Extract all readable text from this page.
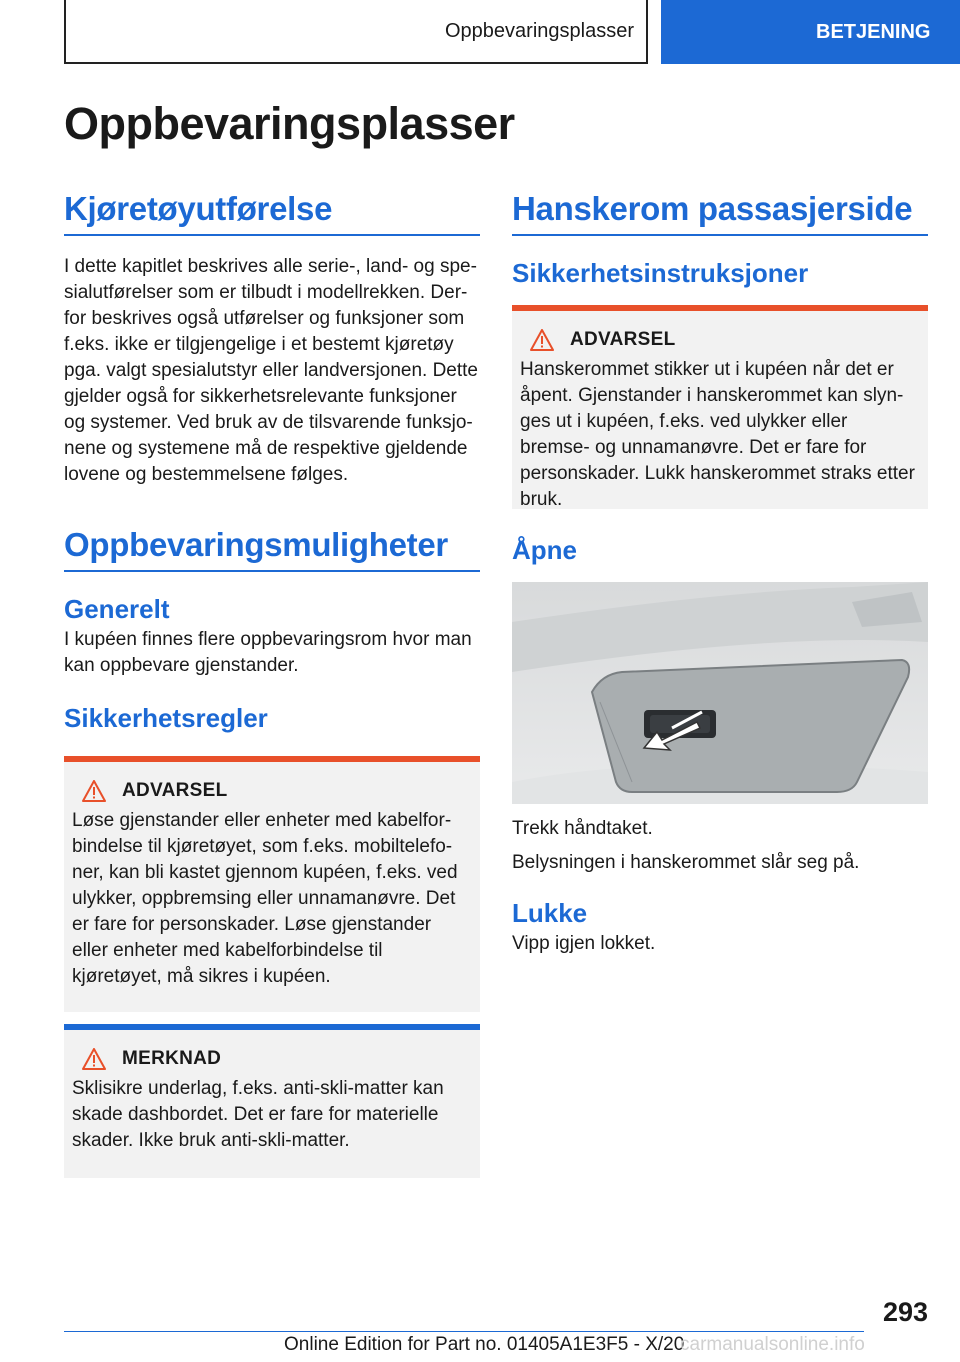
Oppbevaringsplasser	BETJENING
Oppbevaringsplasser
Kjøretøyutførelse

I dette kapitlet beskrives alle serie-, land- og spe-sialutførelser som er tilbudt i modellrekken. Der-for beskrives også utførelser og funksjoner som f.eks. ikke er tilgjengelige i et bestemt kjøretøy pga. valgt spesialutstyr eller landversjonen. Dette gjelder også for sikkerhetsrelevante funksjoner og systemer. Ved bruk av de tilsvarende funksjo-nene og systemene må de respektive gjeldende lovene og bestemmelsene følges.

Oppbevaringsmuligheter
Generelt

I kupéen finnes flere oppbevaringsrom hvor man kan oppbevare gjenstander.

Sikkerhetsregler
ADVARSEL

Løse gjenstander eller enheter med kabelfor-bindelse til kjøretøyet, som f.eks. mobiltelefo-ner, kan bli kastet gjennom kupéen, f.eks. ved ulykker, oppbremsing eller unnamanøvre. Det er fare for personskader. Løse gjenstander eller enheter med kabelforbindelse til kjøretøyet, må sikres i kupéen.

MERKNAD

Sklisikre underlag, f.eks. anti-skli-matter kan skade dashbordet. Det er fare for materielle skader. Ikke bruk anti-skli-matter.

Hanskerom passasjerside
Sikkerhetsinstruksjoner
ADVARSEL

Hanskerommet stikker ut i kupéen når det er åpent. Gjenstander i hanskerommet kan slyn-ges ut i kupéen, f.eks. ved ulykker eller bremse- og unnamanøvre. Det er fare for personskader. Lukk hanskerommet straks etter bruk.

Åpne

Trekk håndtaket.

Belysningen i hanskerommet slår seg på.

Lukke

Vipp igjen lokket.

293
Online Edition for Part no. 01405A1E3F5 - X/20
carmanualsonline.info
